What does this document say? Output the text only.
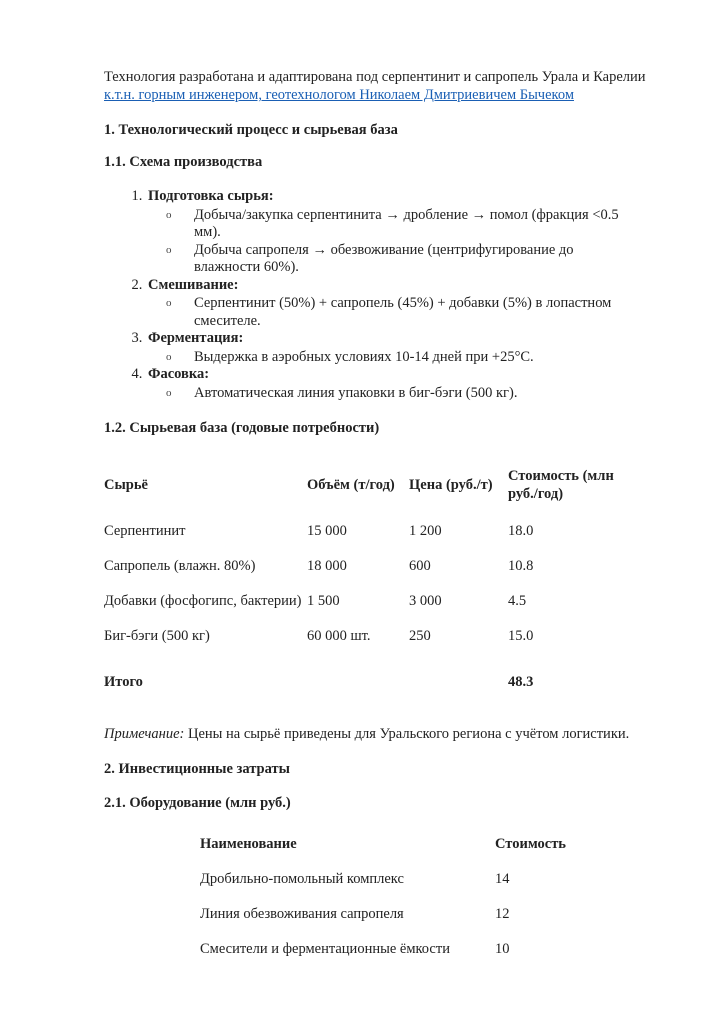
Технология разработана и адаптирована под серпентинит и сапропель Урала и Карелии

к.т.н. горным инженером, геотехнологом Николаем Дмитриевичем Бычеком

1. Технологический процесс и сырьевая база
1.1. Схема производства
1. Подготовка сырья:
o Добыча/закупка серпентинита → дробление → помол (фракция <0.5 мм).
o Добыча сапропеля → обезвоживание (центрифугирование до влажности 60%).
2. Смешивание:
o Серпентинит (50%) + сапропель (45%) + добавки (5%) в лопастном смесителе.
3. Ферментация:
o Выдержка в аэробных условиях 10-14 дней при +25°C.
4. Фасовка:
o Автоматическая линия упаковки в биг-бэги (500 кг).
1.2. Сырьевая база (годовые потребности)
Сырьё	Объём (т/год)	Цена (руб./т)	Стоимость (млн руб./год)
Серпентинит	15 000	1 200	18.0
Сапропель (влажн. 80%)	18 000	600	10.8
Добавки (фосфогипс, бактерии)	1 500	3 000	4.5
Биг-бэги (500 кг)	60 000 шт.	250	15.0
Итого			48.3

Примечание: Цены на сырьё приведены для Уральского региона с учётом логистики.

2. Инвестиционные затраты
2.1. Оборудование (млн руб.)
Наименование	Стоимость
Дробильно-помольный комплекс	14
Линия обезвоживания сапропеля	12
Смесители и ферментационные ёмкости	10
